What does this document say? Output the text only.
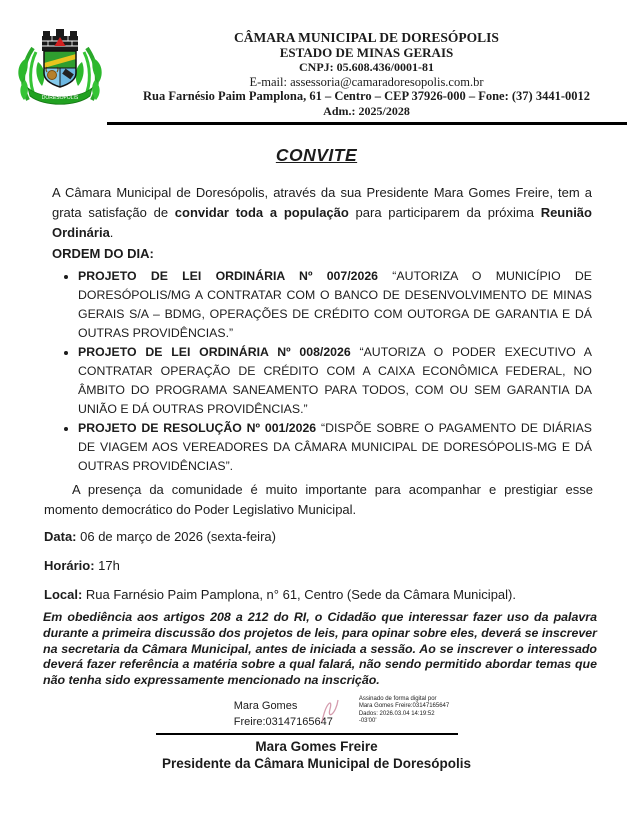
DORESÓPOLIS
CÂMARA MUNICIPAL DE DORESÓPOLIS
ESTADO DE MINAS GERAIS
CNPJ: 05.608.436/0001-81
E-mail: assessoria@camaradoresopolis.com.br
Rua Farnésio Paim Pamplona, 61 – Centro – CEP 37926-000 – Fone: (37) 3441-0012
Adm.: 2025/2028
CONVITE

A Câmara Municipal de Doresópolis, através da sua Presidente Mara Gomes Freire, tem a grata satisfação de convidar toda a população para participarem da próxima Reunião Ordinária.

ORDEM DO DIA:

• PROJETO DE LEI ORDINÁRIA Nº 007/2026 “AUTORIZA O MUNICÍPIO DE DORESÓPOLIS/MG A CONTRATAR COM O BANCO DE DESENVOLVIMENTO DE MINAS GERAIS S/A – BDMG, OPERAÇÕES DE CRÉDITO COM OUTORGA DE GARANTIA E DÁ OUTRAS PROVIDÊNCIAS.”
• PROJETO DE LEI ORDINÁRIA Nº 008/2026 “AUTORIZA O PODER EXECUTIVO A CONTRATAR OPERAÇÃO DE CRÉDITO COM A CAIXA ECONÔMICA FEDERAL, NO ÂMBITO DO PROGRAMA SANEAMENTO PARA TODOS, COM OU SEM GARANTIA DA UNIÃO E DÁ OUTRAS PROVIDÊNCIAS.”
• PROJETO DE RESOLUÇÃO Nº 001/2026 “DISPÕE SOBRE O PAGAMENTO DE DIÁRIAS DE VIAGEM AOS VEREADORES DA CÂMARA MUNICIPAL DE DORESÓPOLIS-MG E DÁ OUTRAS PROVIDÊNCIAS”.

A presença da comunidade é muito importante para acompanhar e prestigiar esse momento democrático do Poder Legislativo Municipal.

Data: 06 de março de 2026 (sexta-feira)

Horário: 17h

Local: Rua Farnésio Paim Pamplona, n° 61, Centro (Sede da Câmara Municipal).

Em obediência aos artigos 208 a 212 do RI, o Cidadão que interessar fazer uso da palavra durante a primeira discussão dos projetos de leis, para opinar sobre eles, deverá se inscrever na secretaria da Câmara Municipal, antes de iniciada a sessão. Ao se inscrever o interessado deverá fazer referência a matéria sobre a qual falará, não sendo permitido abordar temas que não tenha sido expressamente mencionado na inscrição.

Mara Gomes
Freire:03147165647
Assinado de forma digital por
Mara Gomes Freire:03147165647
Dados: 2026.03.04 14:19:52
-03'00'
Mara Gomes Freire
Presidente da Câmara Municipal de Doresópolis
